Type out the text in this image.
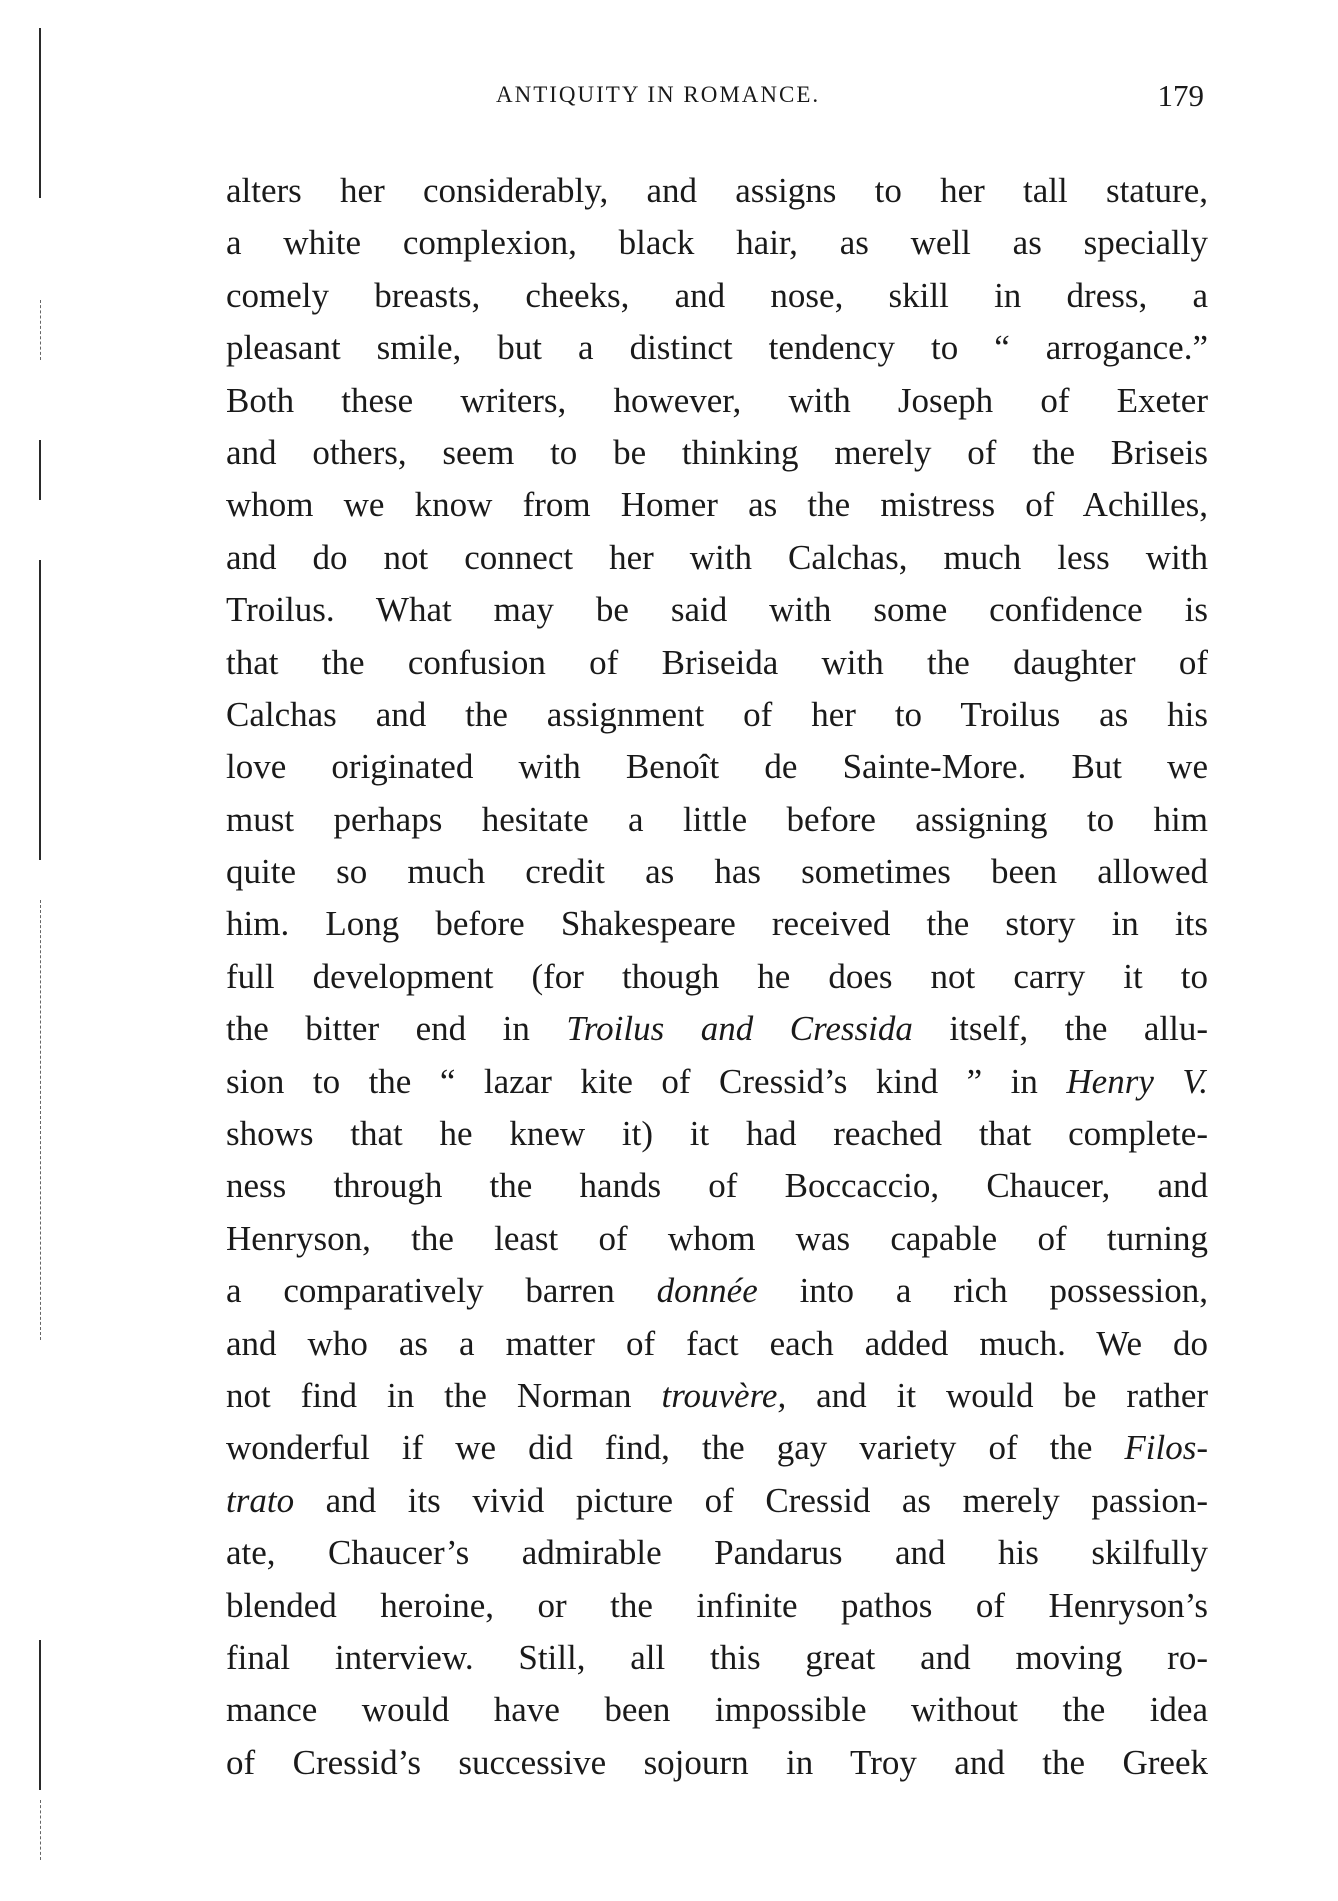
ANTIQUITY IN ROMANCE.	179
alters her considerably, and assigns to her tall stature,
a white complexion, black hair, as well as specially
comely breasts, cheeks, and nose, skill in dress, a
pleasant smile, but a distinct tendency to “ arrogance.”
Both these writers, however, with Joseph of Exeter
and others, seem to be thinking merely of the Briseis
whom we know from Homer as the mistress of Achilles,
and do not connect her with Calchas, much less with
Troilus. What may be said with some confidence is
that the confusion of Briseida with the daughter of
Calchas and the assignment of her to Troilus as his
love originated with Benoît de Sainte-More. But we
must perhaps hesitate a little before assigning to him
quite so much credit as has sometimes been allowed
him. Long before Shakespeare received the story in its
full development (for though he does not carry it to
the bitter end in Troilus and Cressida itself, the allu-
sion to the “ lazar kite of Cressid’s kind ” in Henry V.
shows that he knew it) it had reached that complete-
ness through the hands of Boccaccio, Chaucer, and
Henryson, the least of whom was capable of turning
a comparatively barren donnée into a rich possession,
and who as a matter of fact each added much. We do
not find in the Norman trouvère, and it would be rather
wonderful if we did find, the gay variety of the Filos-
trato and its vivid picture of Cressid as merely passion-
ate, Chaucer’s admirable Pandarus and his skilfully
blended heroine, or the infinite pathos of Henryson’s
final interview. Still, all this great and moving ro-
mance would have been impossible without the idea
of Cressid’s successive sojourn in Troy and the Greek
